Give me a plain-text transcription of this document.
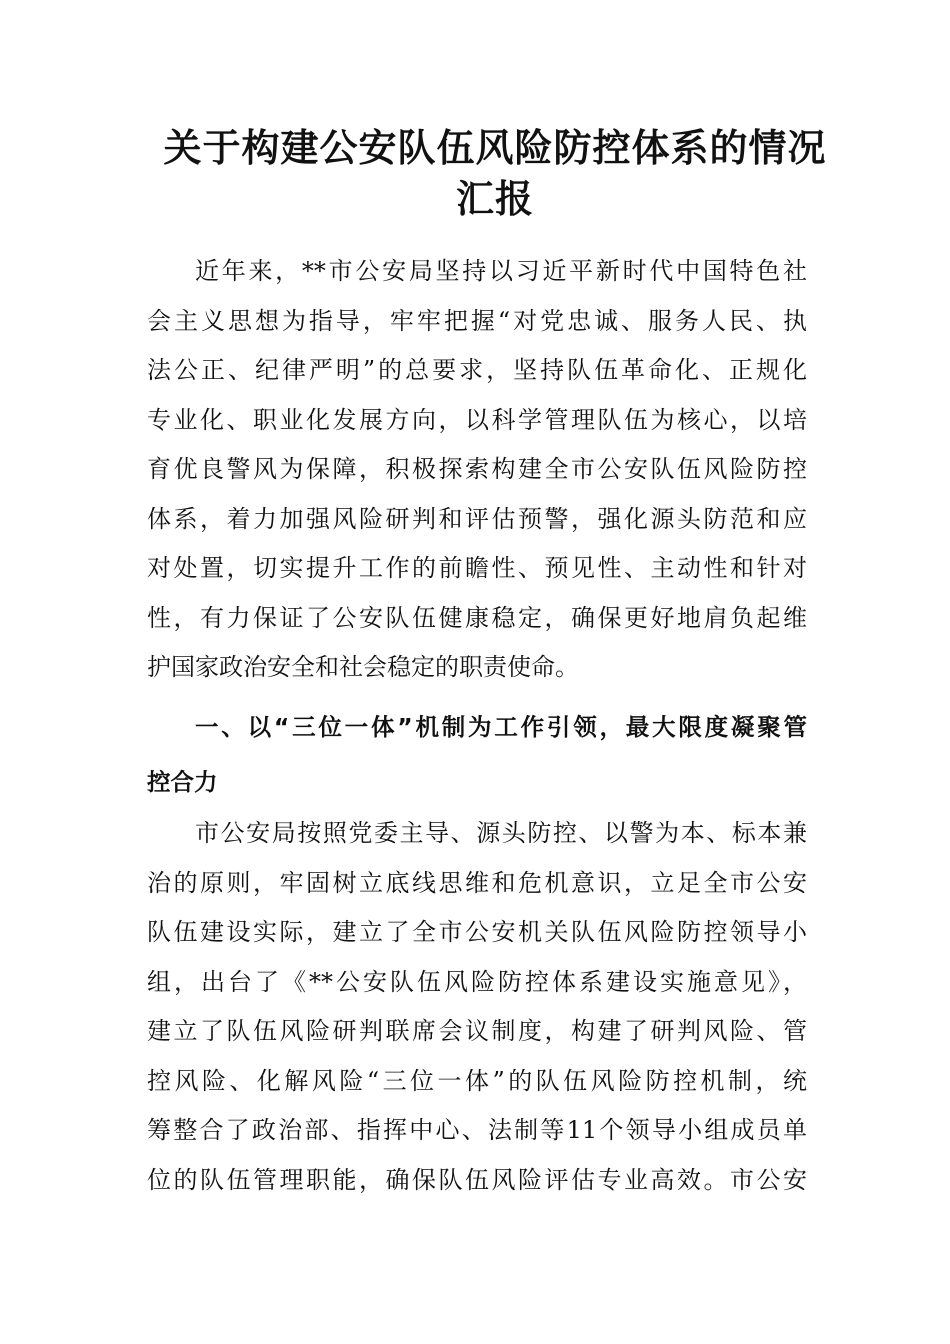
关于构建公安队伍风险防控体系的情况
汇报
近年来，**市公安局坚持以习近平新时代中国特色社
会主义思想为指导，牢牢把握“对党忠诚、服务人民、执
法公正、纪律严明”的总要求，坚持队伍革命化、正规化
专业化、职业化发展方向，以科学管理队伍为核心，以培
育优良警风为保障，积极探索构建全市公安队伍风险防控
体系，着力加强风险研判和评估预警，强化源头防范和应
对处置，切实提升工作的前瞻性、预见性、主动性和针对
性，有力保证了公安队伍健康稳定，确保更好地肩负起维
护国家政治安全和社会稳定的职责使命。
一、以“三位一体”机制为工作引领，最大限度凝聚管
控合力
市公安局按照党委主导、源头防控、以警为本、标本兼
治的原则，牢固树立底线思维和危机意识，立足全市公安
队伍建设实际，建立了全市公安机关队伍风险防控领导小
组，出台了《**公安队伍风险防控体系建设实施意见》，
建立了队伍风险研判联席会议制度，构建了研判风险、管
控风险、化解风险“三位一体”的队伍风险防控机制，统
筹整合了政治部、指挥中心、法制等11个领导小组成员单
位的队伍管理职能，确保队伍风险评估专业高效。市公安
